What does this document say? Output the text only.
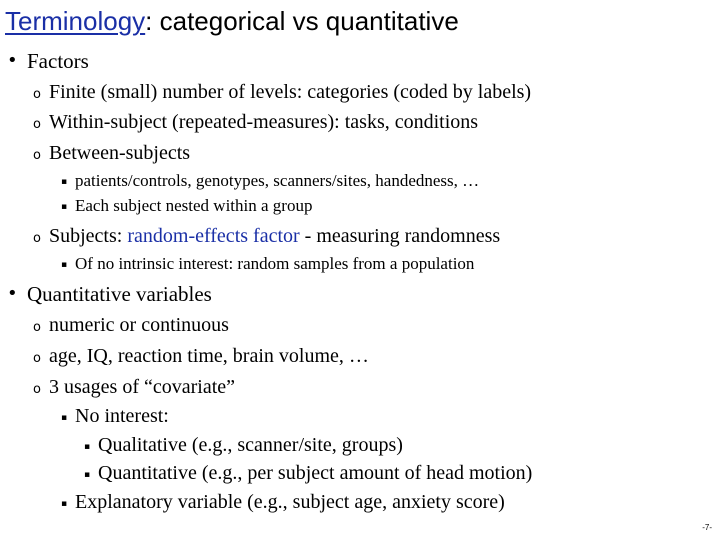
Terminology: categorical vs quantitative
• Factors
o Finite (small) number of levels: categories (coded by labels)
o Within-subject (repeated-measures): tasks, conditions
o Between-subjects
▪ patients/controls, genotypes, scanners/sites, handedness, …
▪ Each subject nested within a group
o Subjects: random-effects factor - measuring randomness
▪ Of no intrinsic interest: random samples from a population
• Quantitative variables
o numeric or continuous
o age, IQ, reaction time, brain volume, …
o 3 usages of “covariate”
▪ No interest:
▪ Qualitative (e.g., scanner/site, groups)
▪ Quantitative (e.g., per subject amount of head motion)
▪ Explanatory variable (e.g., subject age, anxiety score)
-7-
